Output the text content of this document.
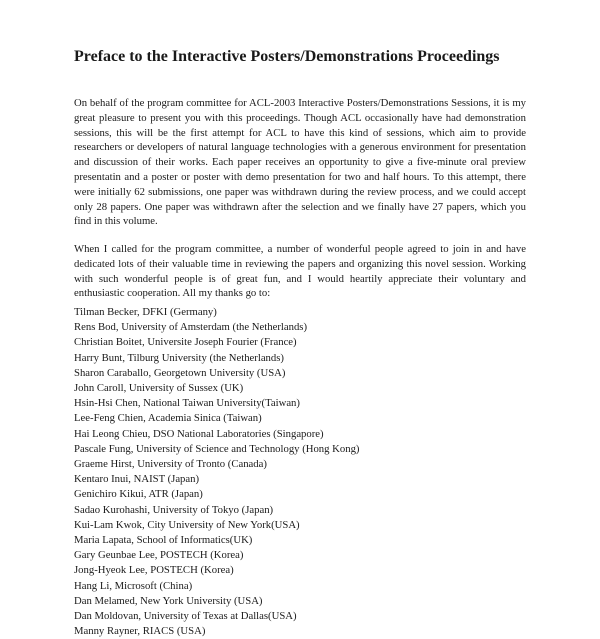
Preface to the Interactive Posters/Demonstrations Proceedings

On behalf of the program committee for ACL-2003 Interactive Posters/Demonstrations Sessions, it is my great pleasure to present you with this proceedings. Though ACL occasionally have had demonstration sessions, this will be the first attempt for ACL to have this kind of sessions, which aim to provide researchers or developers of natural language technologies with a generous environment for presentation and discussion of their works. Each paper receives an opportunity to give a five-minute oral preview presentatin and a poster or poster with demo presentation for two and half hours. To this attempt, there were initially 62 submissions, one paper was withdrawn during the review process, and we could accept only 28 papers. One paper was withdrawn after the selection and we finally have 27 papers, which you find in this volume.

When I called for the program committee, a number of wonderful people agreed to join in and have dedicated lots of their valuable time in reviewing the papers and organizing this novel session. Working with such wonderful people is of great fun, and I would heartily appreciate their voluntary and enthusiastic cooperation. All my thanks go to:

Tilman Becker, DFKI (Germany)
Rens Bod, University of Amsterdam (the Netherlands)
Christian Boitet, Universite Joseph Fourier (France)
Harry Bunt, Tilburg University (the Netherlands)
Sharon Caraballo, Georgetown University (USA)
John Caroll, University of Sussex (UK)
Hsin-Hsi Chen, National Taiwan University(Taiwan)
Lee-Feng Chien, Academia Sinica (Taiwan)
Hai Leong Chieu, DSO National Laboratories (Singapore)
Pascale Fung, University of Science and Technology (Hong Kong)
Graeme Hirst, University of Tronto (Canada)
Kentaro Inui, NAIST (Japan)
Genichiro Kikui, ATR (Japan)
Sadao Kurohashi, University of Tokyo (Japan)
Kui-Lam Kwok, City University of New York(USA)
Maria Lapata, School of Informatics(UK)
Gary Geunbae Lee, POSTECH (Korea)
Jong-Hyeok Lee, POSTECH (Korea)
Hang Li, Microsoft (China)
Dan Melamed, New York University (USA)
Dan Moldovan, University of Texas at Dallas(USA)
Manny Rayner, RIACS (USA)
